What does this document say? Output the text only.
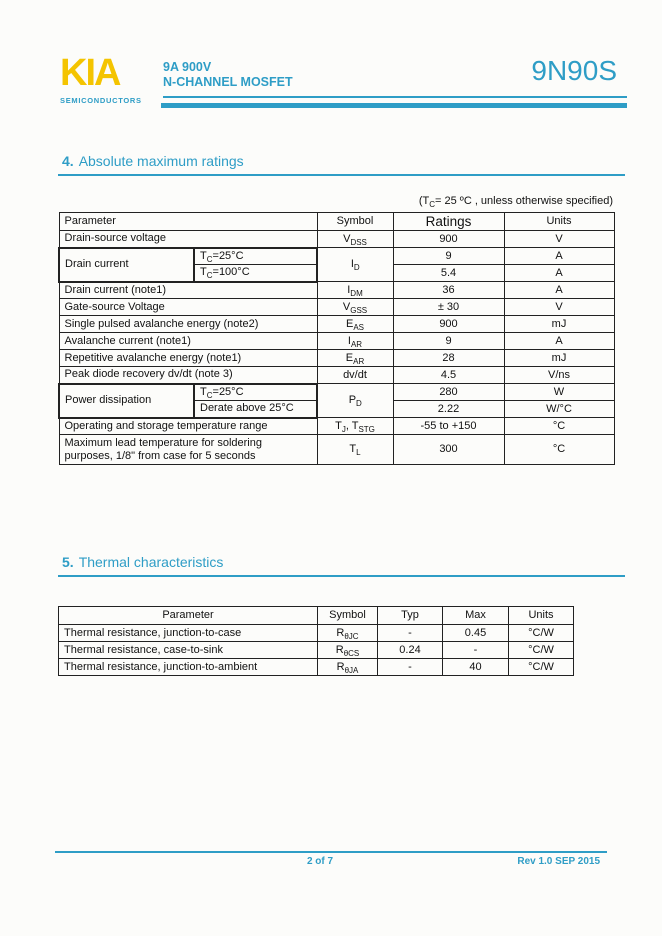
KIA
SEMICONDUCTORS
9A 900V
N-CHANNEL MOSFET	9N90S
4. Absolute maximum ratings
($T_C= 25$ ºC , unless otherwise specified)
Parameter		Symbol	Ratings	Units
Drain-source voltage		$V_{DSS}$	900	V
Drain current	$T_C=25^\circ C$	$I_D$	9	A
	$T_C=100^\circ C$		5.4	A
Drain current (note1)		$I_{DM}$	36	A
Gate-source Voltage		$V_{GSS}$	± 30	V
Single pulsed avalanche energy (note2)		$E_{AS}$	900	mJ
Avalanche current (note1)		$I_{AR}$	9	A
Repetitive avalanche energy (note1)		$E_{AR}$	28	mJ
Peak diode recovery dv/dt (note 3)		dv/dt	4.5	V/ns
Power dissipation	$T_C=25^\circ C$	$P_D$	280	W
	Derate above 25°C		2.22	W/°C
Operating and storage temperature range		$T_J$, $T_{STG}$	-55 to +150	°C
Maximum lead temperature for soldering purposes, 1/8" from case for 5 seconds		$T_L$	300	°C
5. Thermal characteristics
Parameter	Symbol	Typ	Max	Units
Thermal resistance, junction-to-case	$R_{\theta JC}$	-	0.45	°C/W
Thermal resistance, case-to-sink	$R_{\theta CS}$	0.24	-	°C/W
Thermal resistance, junction-to-ambient	$R_{\theta JA}$	-	40	°C/W
2 of 7	Rev 1.0 SEP 2015
